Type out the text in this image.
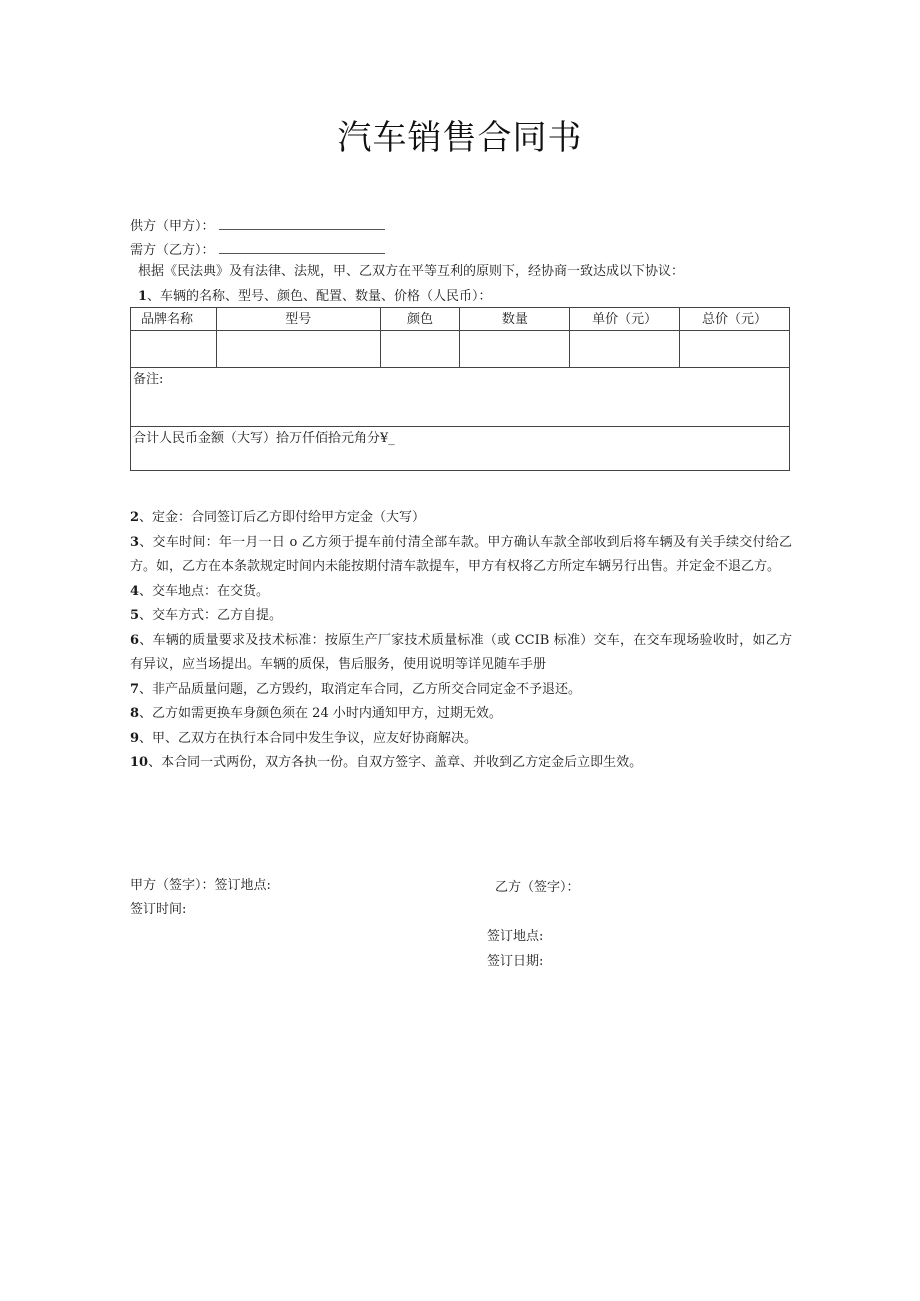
汽车销售合同书
供方（甲方）：
需方（乙方）：
根据《民法典》及有法律、法规，甲、乙双方在平等互利的原则下，经协商一致达成以下协议：
1、车辆的名称、型号、颜色、配置、数量、价格（人民币）：
品牌名称	型号	颜色	数量	单价（元）	总价（元）

备注:					
合计人民币金额（大写）拾万仟佰拾元角分¥_					
2、定金：合同签订后乙方即付给甲方定金（大写）
3、交车时间：年一月一日 o 乙方须于提车前付清全部车款。甲方确认车款全部收到后将车辆及有关手续交付给乙方。如，乙方在本条款规定时间内未能按期付清车款提车，甲方有权将乙方所定车辆另行出售。并定金不退乙方。
4、交车地点：在交货。
5、交车方式：乙方自提。
6、车辆的质量要求及技术标准：按原生产厂家技术质量标准（或 CCIB 标准）交车，在交车现场验收时，如乙方有异议，应当场提出。车辆的质保，售后服务，使用说明等详见随车手册
7、非产品质量问题，乙方毁约，取消定车合同，乙方所交合同定金不予退还。
8、乙方如需更换车身颜色须在 24 小时内通知甲方，过期无效。
9、甲、乙双方在执行本合同中发生争议，应友好协商解决。
10、本合同一式两份，双方各执一份。自双方签字、盖章、并收到乙方定金后立即生效。
甲方（签字）：签订地点:	乙方（签字）：
签订时间:
签订地点:
签订日期:
